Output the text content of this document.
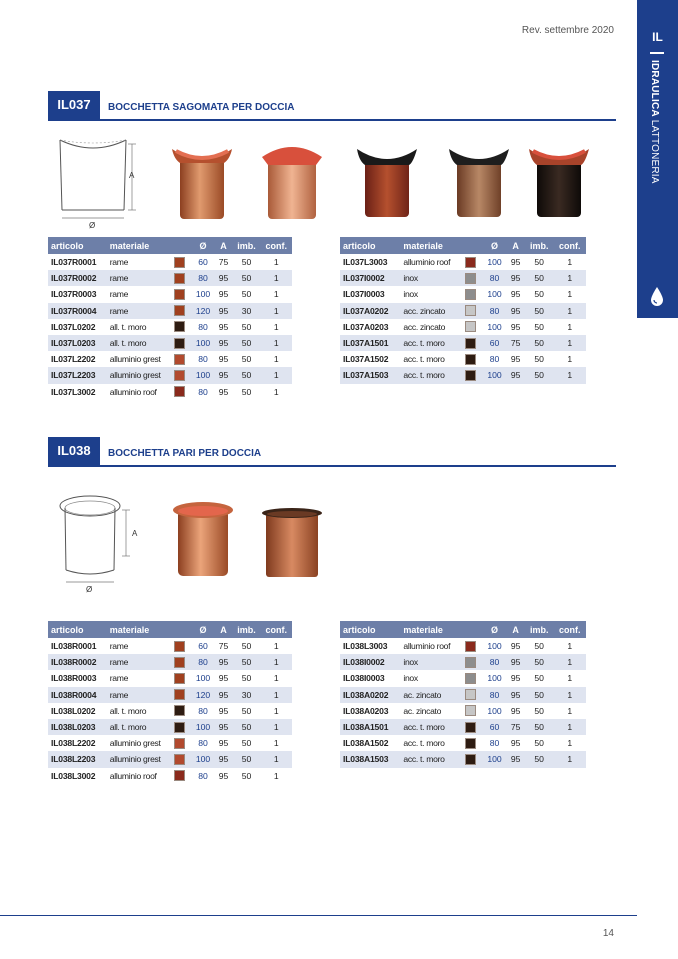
Rev. settembre 2020	IL
IDRAULICA LATTONERIA
IL037	BOCCHETTA SAGOMATA PER DOCCIA
A
Ø
articolo	materiale		Ø	A	imb.	conf.
IL037R0001	rame		60	75	50	1
IL037R0002	rame		80	95	50	1
IL037R0003	rame		100	95	50	1
IL037R0004	rame		120	95	30	1
IL037L0202	all. t. moro		80	95	50	1
IL037L0203	all. t. moro		100	95	50	1
IL037L2202	alluminio grest		80	95	50	1
IL037L2203	alluminio grest		100	95	50	1
IL037L3002	alluminio roof		80	95	50	1
articolo	materiale		Ø	A	imb.	conf.
IL037L3003	alluminio roof		100	95	50	1
IL037I0002	inox		80	95	50	1
IL037I0003	inox		100	95	50	1
IL037A0202	acc. zincato		80	95	50	1
IL037A0203	acc. zincato		100	95	50	1
IL037A1501	acc. t. moro		60	75	50	1
IL037A1502	acc. t. moro		80	95	50	1
IL037A1503	acc. t. moro		100	95	50	1
IL038	BOCCHETTA PARI PER DOCCIA
A
Ø
articolo	materiale		Ø	A	imb.	conf.
IL038R0001	rame		60	75	50	1
IL038R0002	rame		80	95	50	1
IL038R0003	rame		100	95	50	1
IL038R0004	rame		120	95	30	1
IL038L0202	all. t. moro		80	95	50	1
IL038L0203	all. t. moro		100	95	50	1
IL038L2202	alluminio grest		80	95	50	1
IL038L2203	alluminio grest		100	95	50	1
IL038L3002	alluminio roof		80	95	50	1
articolo	materiale		Ø	A	imb.	conf.
IL038L3003	alluminio roof		100	95	50	1
IL038I0002	inox		80	95	50	1
IL038I0003	inox		100	95	50	1
IL038A0202	ac. zincato		80	95	50	1
IL038A0203	ac. zincato		100	95	50	1
IL038A1501	acc. t. moro		60	75	50	1
IL038A1502	acc. t. moro		80	95	50	1
IL038A1503	acc. t. moro		100	95	50	1
14
